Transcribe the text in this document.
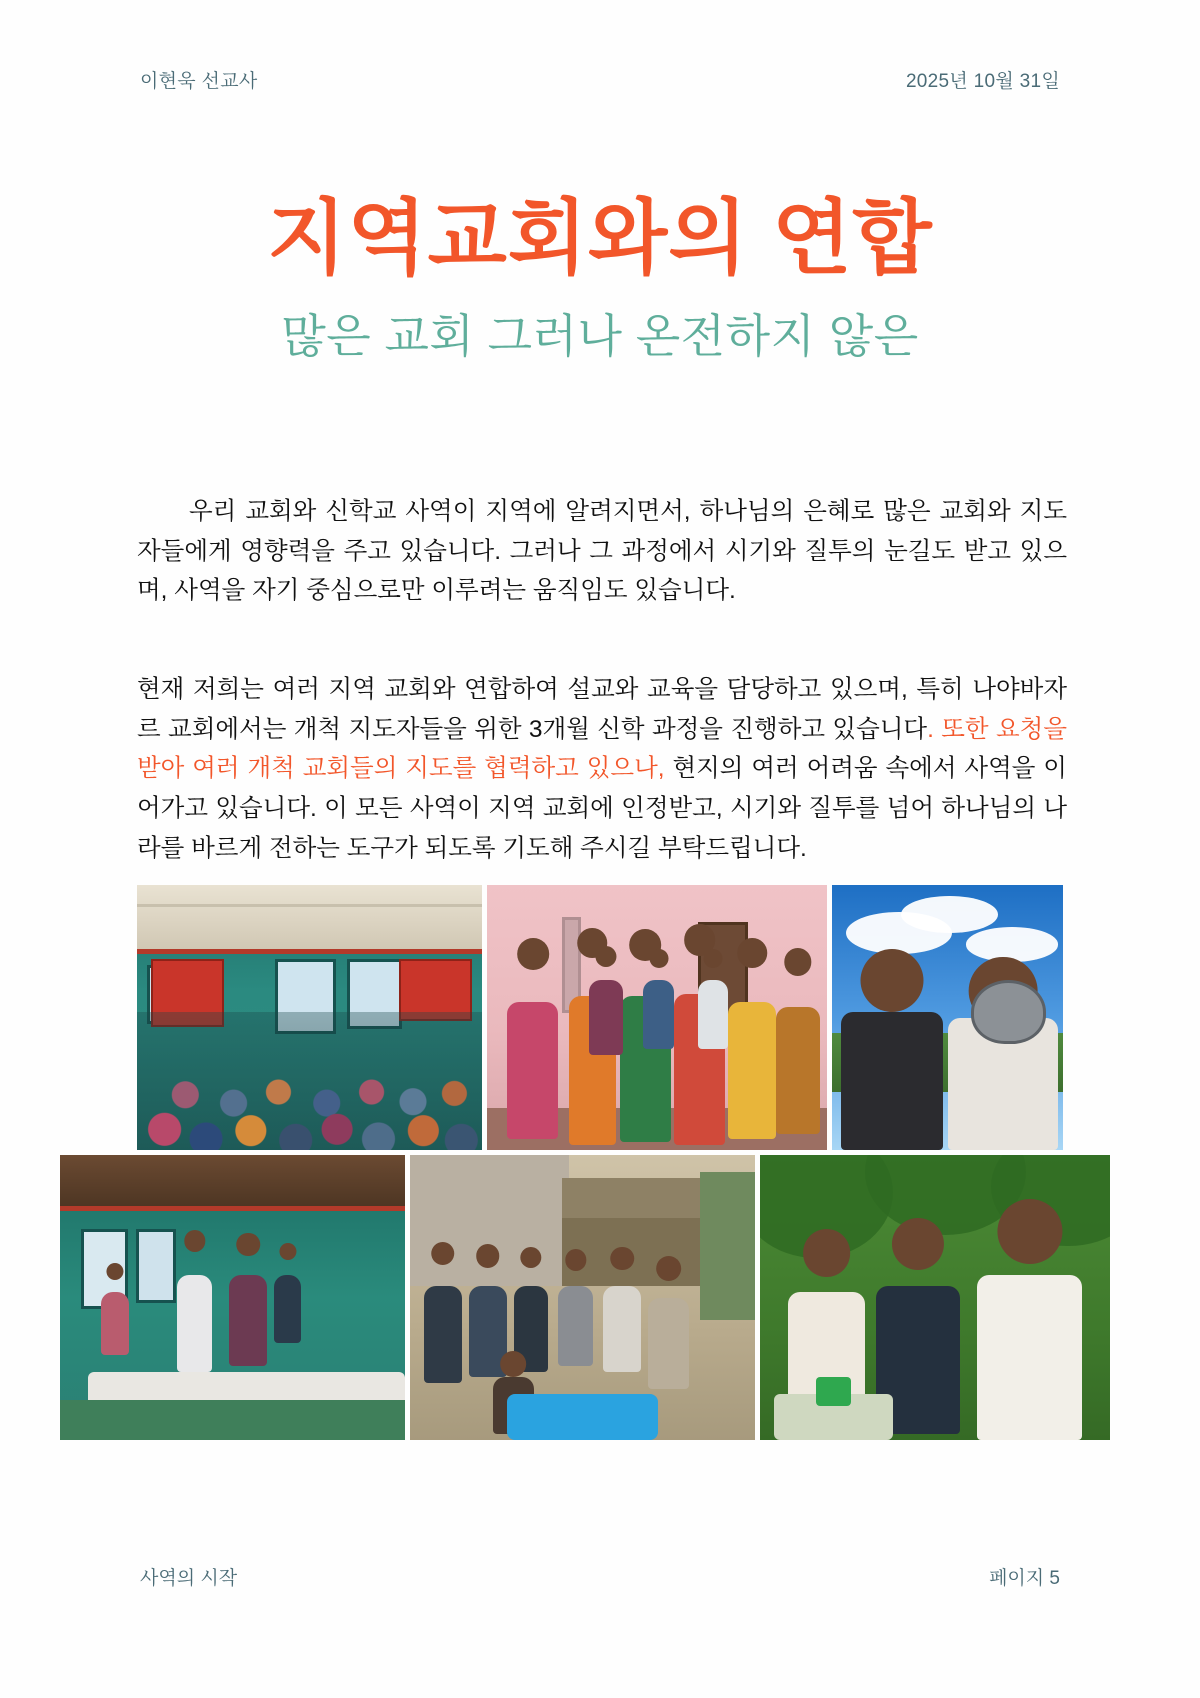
이현욱 선교사	2025년 10월 31일
지역교회와의 연합
많은 교회 그러나 온전하지 않은
우리 교회와 신학교 사역이 지역에 알려지면서, 하나님의 은혜로 많은 교회와 지도자들에게 영향력을 주고 있습니다. 그러나 그 과정에서 시기와 질투의 눈길도 받고 있으며, 사역을 자기 중심으로만 이루려는 움직임도 있습니다.
현재 저희는 여러 지역 교회와 연합하여 설교와 교육을 담당하고 있으며, 특히 나야바자르 교회에서는 개척 지도자들을 위한 3개월 신학 과정을 진행하고 있습니다. 또한 요청을 받아 여러 개척 교회들의 지도를 협력하고 있으나, 현지의 여러 어려움 속에서 사역을 이어가고 있습니다. 이 모든 사역이 지역 교회에 인정받고, 시기와 질투를 넘어 하나님의 나라를 바르게 전하는 도구가 되도록 기도해 주시길 부탁드립니다.
사역의 시작	페이지 5
